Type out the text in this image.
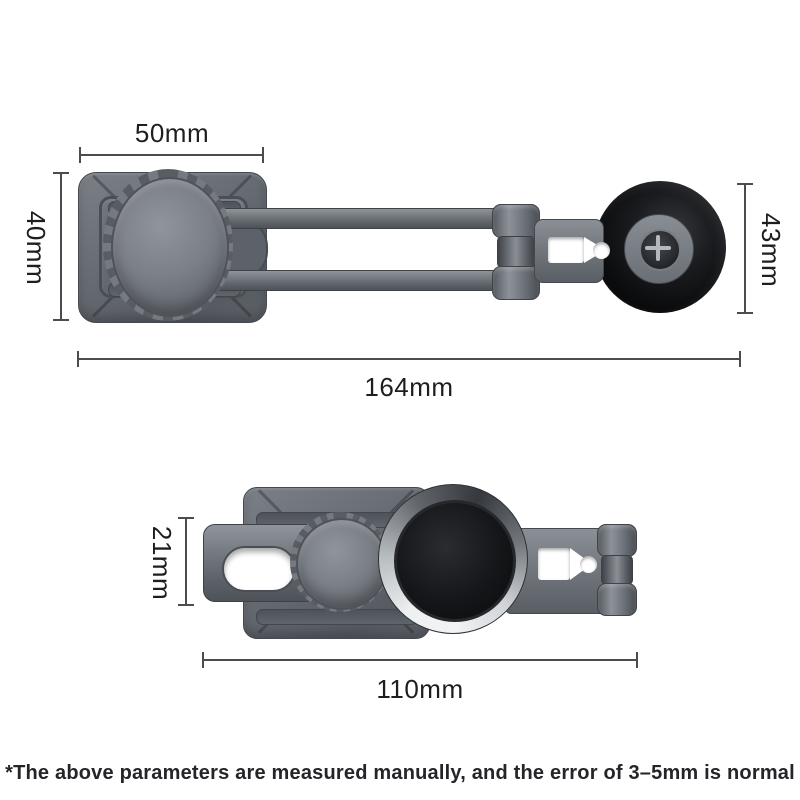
50mm
40mm	43mm
164mm
21mm
110mm
*The above parameters are measured manually, and the error of 3–5mm is normal
